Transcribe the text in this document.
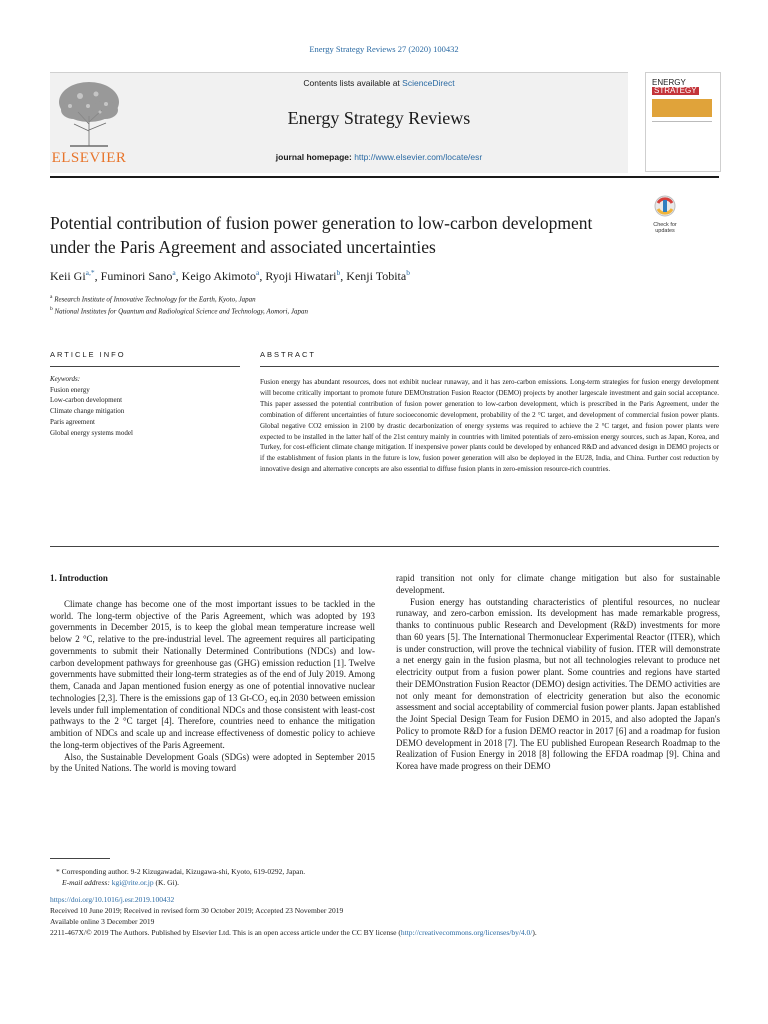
Energy Strategy Reviews 27 (2020) 100432
ELSEVIER
Contents lists available at ScienceDirect
Energy Strategy Reviews
journal homepage: http://www.elsevier.com/locate/esr
ENERGY
STRATEGY
Potential contribution of fusion power generation to low-carbon development under the Paris Agreement and associated uncertainties
Check for
updates
Keii $Gi^{a,*}$, Fuminori Sano$^a$, Keigo Akimoto$^a$, Ryoji Hiwatari$^b$, Kenji Tobita$^b$
$^a$ Research Institute of Innovative Technology for the Earth, Kyoto, Japan
$^b$ National Institutes for Quantum and Radiological Science and Technology, Aomori, Japan
ARTICLE INFO	ABSTRACT
Keywords:
Fusion energy
Low-carbon development
Climate change mitigation
Paris agreement
Global energy systems model
Fusion energy has abundant resources, does not exhibit nuclear runaway, and it has zero-carbon emissions. Long-term strategies for fusion energy development will become critically important to promote future DEMOnstration Fusion Reactor (DEMO) projects by another largescale investment and gain social acceptance. This paper assessed the potential contribution of fusion power generation to low-carbon development, which is prescribed in the Paris Agreement, under the combination of different uncertainties of future socioeconomic development, probability of the 2 °C target, and development of commercial fusion power plants. Global negative CO2 emission in 2100 by drastic decarbonization of energy systems was required to achieve the 2 °C target, and fusion power plants were expected to be installed in the latter half of the 21st century mainly in countries with limited potentials of zero-emission energy sources, such as Japan, Korea, and Turkey, for cost-efficient climate change mitigation. If inexpensive power plants could be developed by enhanced R&D and advanced design in DEMO projects or if the establishment of fusion plants in the future is low, fusion power generation will also be deployed in the EU28, India, and China. Further cost reduction by innovative design and alternative concepts are also essential to diffuse fusion plants in zero-emission resource-rich countries.
1. Introduction

Climate change has become one of the most important issues to be tackled in the world. The long-term objective of the Paris Agreement, which was adopted by 193 governments in December 2015, is to keep the global mean temperature increase well below 2 °C, relative to the pre-industrial level. The agreement requires all participating governments to submit their Nationally Determined Contributions (NDCs) and low-carbon development pathways for greenhouse gas (GHG) emission reduction [1]. Twelve governments have submitted their long-term strategies as of the end of July 2019. Among them, Canada and Japan mentioned fusion energy as one of potential innovative nuclear technologies [2,3]. There is the emissions gap of 13 Gt-CO₂ eq.in 2030 between emission levels under full implementation of conditional NDCs and those consistent with least-cost pathways to the 2 °C target [4]. Therefore, countries need to enhance the mitigation ambition of NDCs and scale up and increase effectiveness of domestic policy to achieve the long-term objectives of the Paris Agreement.

Also, the Sustainable Development Goals (SDGs) were adopted in September 2015 by the United Nations. The world is moving toward

rapid transition not only for climate change mitigation but also for sustainable development.

Fusion energy has outstanding characteristics of plentiful resources, no nuclear runaway, and zero-carbon emission. Its development has made remarkable progress, thanks to continuous public Research and Development (R&D) investments for more than 60 years [5]. The International Thermonuclear Experimental Reactor (ITER), which is under construction, will prove the technical viability of fusion. ITER will demonstrate a net energy gain in the fusion plasma, but not all technologies relevant to produce net electricity output from a fusion power plant. Some countries and regions have started their DEMOnstration Fusion Reactor (DEMO) design activities. The DEMO activities are not only meant for demonstration of electricity generation but also the economic assessment and social acceptability of commercial fusion power plants. Japan established the Joint Special Design Team for Fusion DEMO in 2015, and also adopted the Japan's Policy to promote R&D for a fusion DEMO reactor in 2017 [6] and a roadmap for fusion DEMO development in 2018 [7]. The EU published European Research Roadmap to the Realization of Fusion Energy in 2018 [8] following the EFDA roadmap [9]. China and Korea have made progress on their DEMO

* Corresponding author. 9-2 Kizugawadai, Kizugawa-shi, Kyoto, 619-0292, Japan.
E-mail address: kgi@rite.or.jp (K. Gi).
https://doi.org/10.1016/j.esr.2019.100432
Received 10 June 2019; Received in revised form 30 October 2019; Accepted 23 November 2019
Available online 3 December 2019
2211-467X/© 2019 The Authors. Published by Elsevier Ltd. This is an open access article under the CC BY license (http://creativecommons.org/licenses/by/4.0/).
